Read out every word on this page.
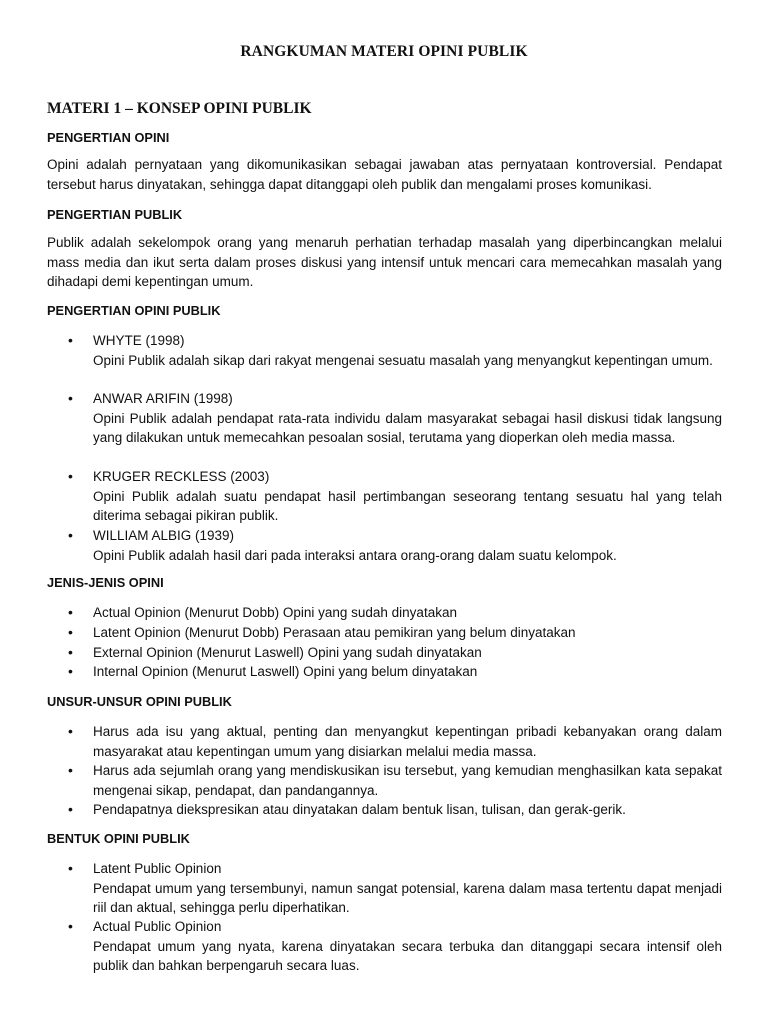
RANGKUMAN MATERI OPINI PUBLIK
MATERI 1 – KONSEP OPINI PUBLIK
PENGERTIAN OPINI
Opini adalah pernyataan yang dikomunikasikan sebagai jawaban atas pernyataan kontroversial. Pendapat tersebut harus dinyatakan, sehingga dapat ditanggapi oleh publik dan mengalami proses komunikasi.
PENGERTIAN PUBLIK
Publik adalah sekelompok orang yang menaruh perhatian terhadap masalah yang diperbincangkan melalui mass media dan ikut serta dalam proses diskusi yang intensif untuk mencari cara memecahkan masalah yang dihadapi demi kepentingan umum.
PENGERTIAN OPINI PUBLIK
•	WHYTE (1998)
Opini Publik adalah sikap dari rakyat mengenai sesuatu masalah yang menyangkut kepentingan umum.
•	ANWAR ARIFIN (1998)
Opini Publik adalah pendapat rata-rata individu dalam masyarakat sebagai hasil diskusi tidak langsung yang dilakukan untuk memecahkan pesoalan sosial, terutama yang dioperkan oleh media massa.
•	KRUGER RECKLESS (2003)
Opini Publik adalah suatu pendapat hasil pertimbangan seseorang tentang sesuatu hal yang telah diterima sebagai pikiran publik.
•	WILLIAM ALBIG (1939)
Opini Publik adalah hasil dari pada interaksi antara orang-orang dalam suatu kelompok.
JENIS-JENIS OPINI
•	Actual Opinion (Menurut Dobb) Opini yang sudah dinyatakan
•	Latent Opinion (Menurut Dobb) Perasaan atau pemikiran yang belum dinyatakan
•	External Opinion (Menurut Laswell) Opini yang sudah dinyatakan
•	Internal Opinion (Menurut Laswell) Opini yang belum dinyatakan
UNSUR-UNSUR OPINI PUBLIK
•	Harus ada isu yang aktual, penting dan menyangkut kepentingan pribadi kebanyakan orang dalam masyarakat atau kepentingan umum yang disiarkan melalui media massa.
•	Harus ada sejumlah orang yang mendiskusikan isu tersebut, yang kemudian menghasilkan kata sepakat mengenai sikap, pendapat, dan pandangannya.
•	Pendapatnya diekspresikan atau dinyatakan dalam bentuk lisan, tulisan, dan gerak-gerik.
BENTUK OPINI PUBLIK
•	Latent Public Opinion
Pendapat umum yang tersembunyi, namun sangat potensial, karena dalam masa tertentu dapat menjadi riil dan aktual, sehingga perlu diperhatikan.
•	Actual Public Opinion
Pendapat umum yang nyata, karena dinyatakan secara terbuka dan ditanggapi secara intensif oleh publik dan bahkan berpengaruh secara luas.
